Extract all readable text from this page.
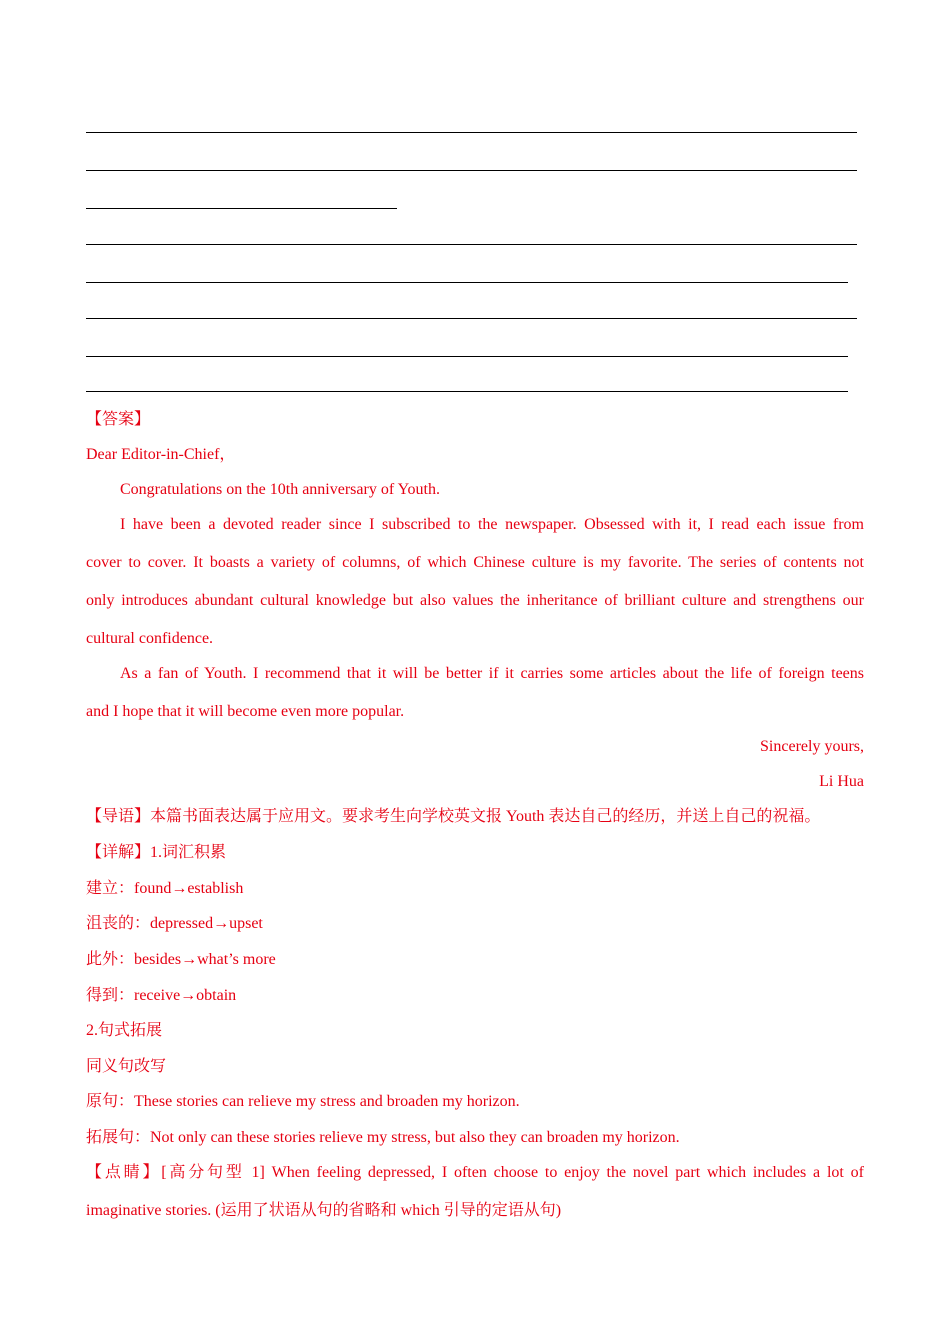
【答案】
Dear Editor-in-Chief，
Congratulations on the 10th anniversary of Youth.
I have been a devoted reader since I subscribed to the newspaper. Obsessed with it, I read each issue from
cover to cover. It boasts a variety of columns, of which Chinese culture is my favorite. The series of contents not
only introduces abundant cultural knowledge but also values the inheritance of brilliant culture and strengthens our
cultural confidence.
As a fan of Youth. I recommend that it will be better if it carries some articles about the life of foreign teens
and I hope that it will become even more popular.
Sincerely yours,
Li Hua
【导语】本篇书面表达属于应用文。要求考生向学校英文报 Youth 表达自己的经历，并送上自己的祝福。
【详解】1.词汇积累
建立：found→establish
沮丧的：depressed→upset
此外：besides→what’s more
得到：receive→obtain
2.句式拓展
同义句改写
原句：These stories can relieve my stress and broaden my horizon.
拓展句：Not only can these stories relieve my stress, but also they can broaden my horizon.
【点睛】[高分句型 1] When feeling depressed, I often choose to enjoy the novel part which includes a lot of
imaginative stories. (运用了状语从句的省略和 which 引导的定语从句)
